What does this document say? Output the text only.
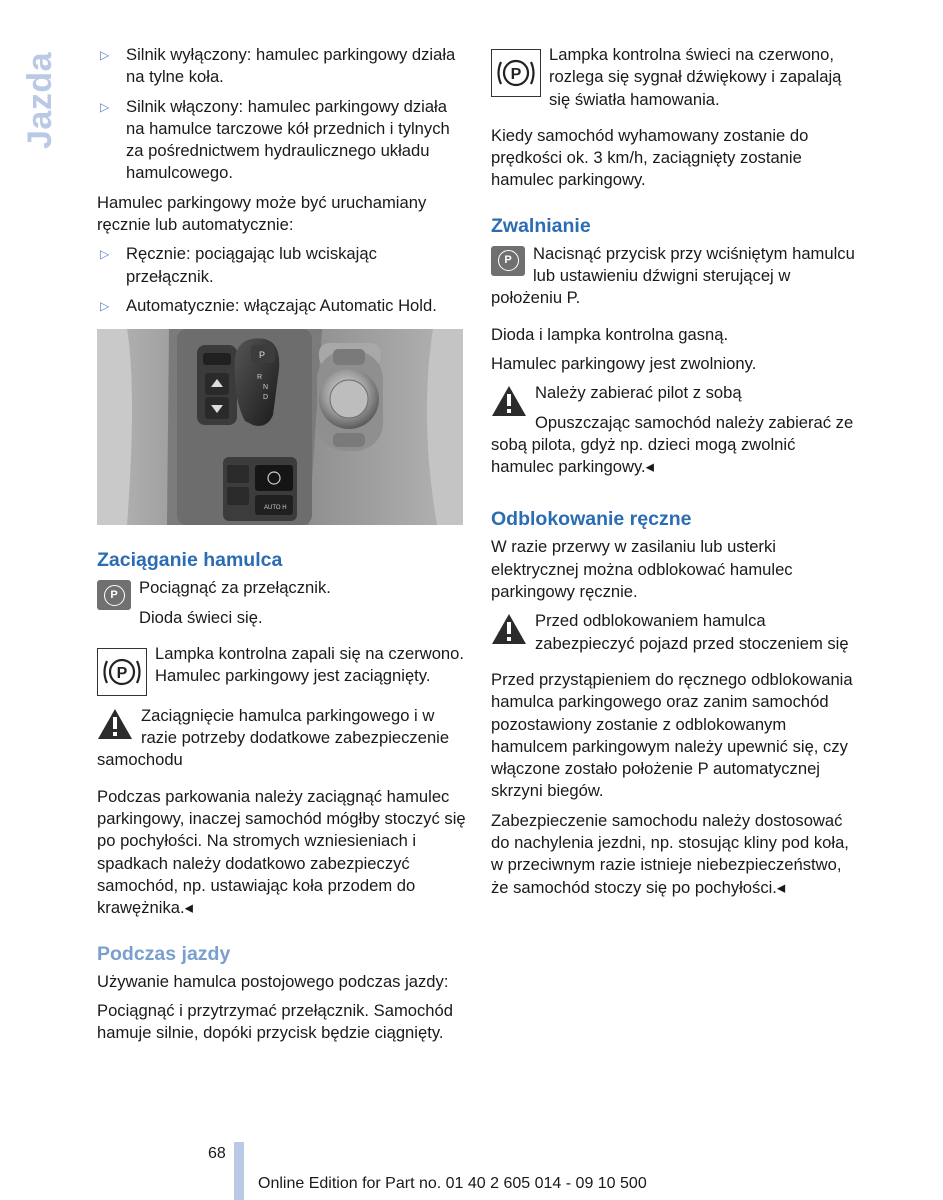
Jazda	▷ Silnik wyłączony: hamulec parkingowy działa na tylne koła.
▷ Silnik włączony: hamulec parkingowy działa na hamulce tarczowe kół przednich i tylnych za pośrednictwem hydraulicznego układu hamulcowego.

Hamulec parkingowy może być uruchamiany ręcznie lub automatycznie:

▷ Ręcznie: pociągając lub wciskając przełącznik.
▷ Automatycznie: włączając Automatic Hold.
P
R
N
D
AUTO H
Zaciąganie hamulca
P	Pociągnąć za przełącznik.

Dioda świeci się.

P

Lampka kontrolna zapali się na czerwono. Hamulec parkingowy jest zaciągnięty.

Zaciągnięcie hamulca parkingowego i w razie potrzeby dodatkowe zabezpieczenie samochodu

Podczas parkowania należy zaciągnąć hamulec parkingowy, inaczej samochód mógłby stoczyć się po pochyłości. Na stromych wzniesieniach i spadkach należy dodatkowo zabezpieczyć samochód, np. ustawiając koła przodem do krawężnika.◂

Podczas jazdy

Używanie hamulca postojowego podczas jazdy:

Pociągnąć i przytrzymać przełącznik. Samochód hamuje silnie, dopóki przycisk będzie ciągnięty.

P

Lampka kontrolna świeci na czerwono, rozlega się sygnał dźwiękowy i zapalają się światła hamowania.

Kiedy samochód wyhamowany zostanie do prędkości ok. 3 km/h, zaciągnięty zostanie hamulec parkingowy.

Zwalnianie
P	Nacisnąć przycisk przy wciśniętym hamulcu lub ustawieniu dźwigni sterującej w położeniu P.

Dioda i lampka kontrolna gasną.

Hamulec parkingowy jest zwolniony.

Należy zabierać pilot z sobą

Opuszczając samochód należy zabierać ze sobą pilota, gdyż np. dzieci mogą zwolnić hamulec parkingowy.◂

Odblokowanie ręczne

W razie przerwy w zasilaniu lub usterki elektrycznej można odblokować hamulec parkingowy ręcznie.

Przed odblokowaniem hamulca zabezpieczyć pojazd przed stoczeniem się

Przed przystąpieniem do ręcznego odblokowania hamulca parkingowego oraz zanim samochód pozostawiony zostanie z odblokowanym hamulcem parkingowym należy upewnić się, czy włączone zostało położenie P automatycznej skrzyni biegów.

Zabezpieczenie samochodu należy dostosować do nachylenia jezdni, np. stosując kliny pod koła, w przeciwnym razie istnieje niebezpieczeństwo, że samochód stoczy się po pochyłości.◂

68
Online Edition for Part no. 01 40 2 605 014 - 09 10 500
